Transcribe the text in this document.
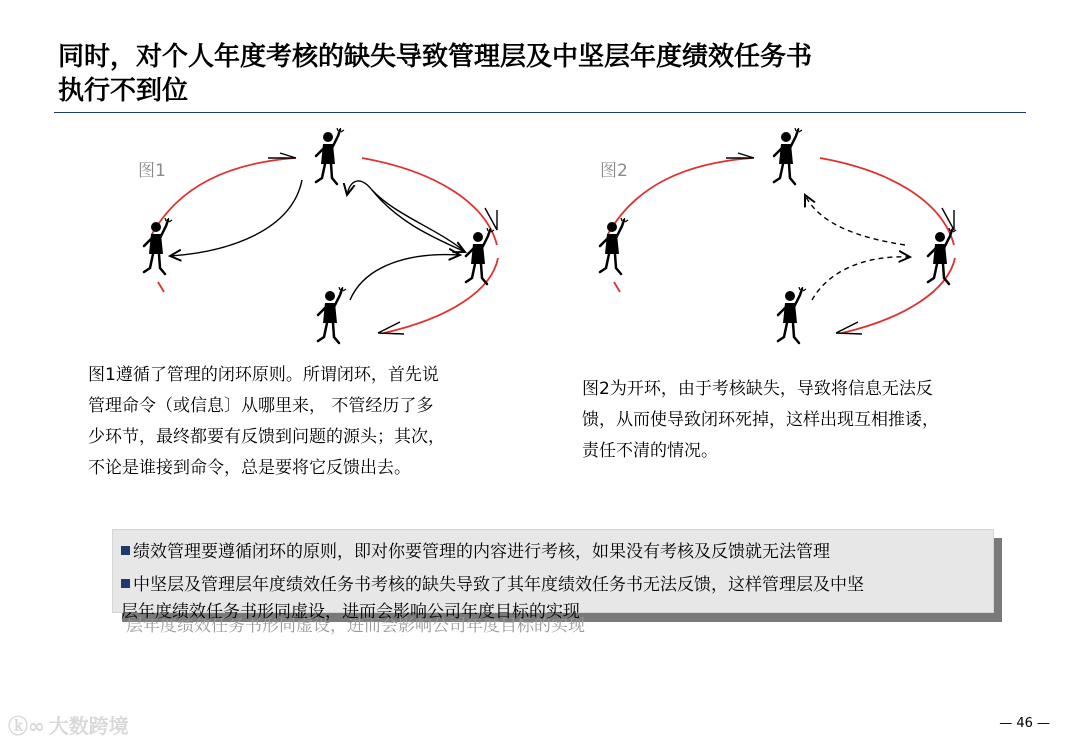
同时，对个人年度考核的缺失导致管理层及中坚层年度绩效任务书
执行不到位
图1	图2
图1遵循了管理的闭环原则。所谓闭环，首先说
管理命令（或信息〕从哪里来， 不管经历了多
少环节，最终都要有反馈到问题的源头；其次，
不论是谁接到命令，总是要将它反馈出去。
图2为开环，由于考核缺失，导致将信息无法反
馈，从而使导致闭环死掉，这样出现互相推诿，
责任不清的情况。
层年度绩效任务书形同虚设，进而会影响公司年度目标的实现
绩效管理要遵循闭环的原则，即对你要管理的内容进行考核，如果没有考核及反馈就无法管理
中坚层及管理层年度绩效任务书考核的缺失导致了其年度绩效任务书无法反馈，这样管理层及中坚
层年度绩效任务书形同虚设，进而会影响公司年度目标的实现
ⓚ∞ 大数跨境	— 46 —
